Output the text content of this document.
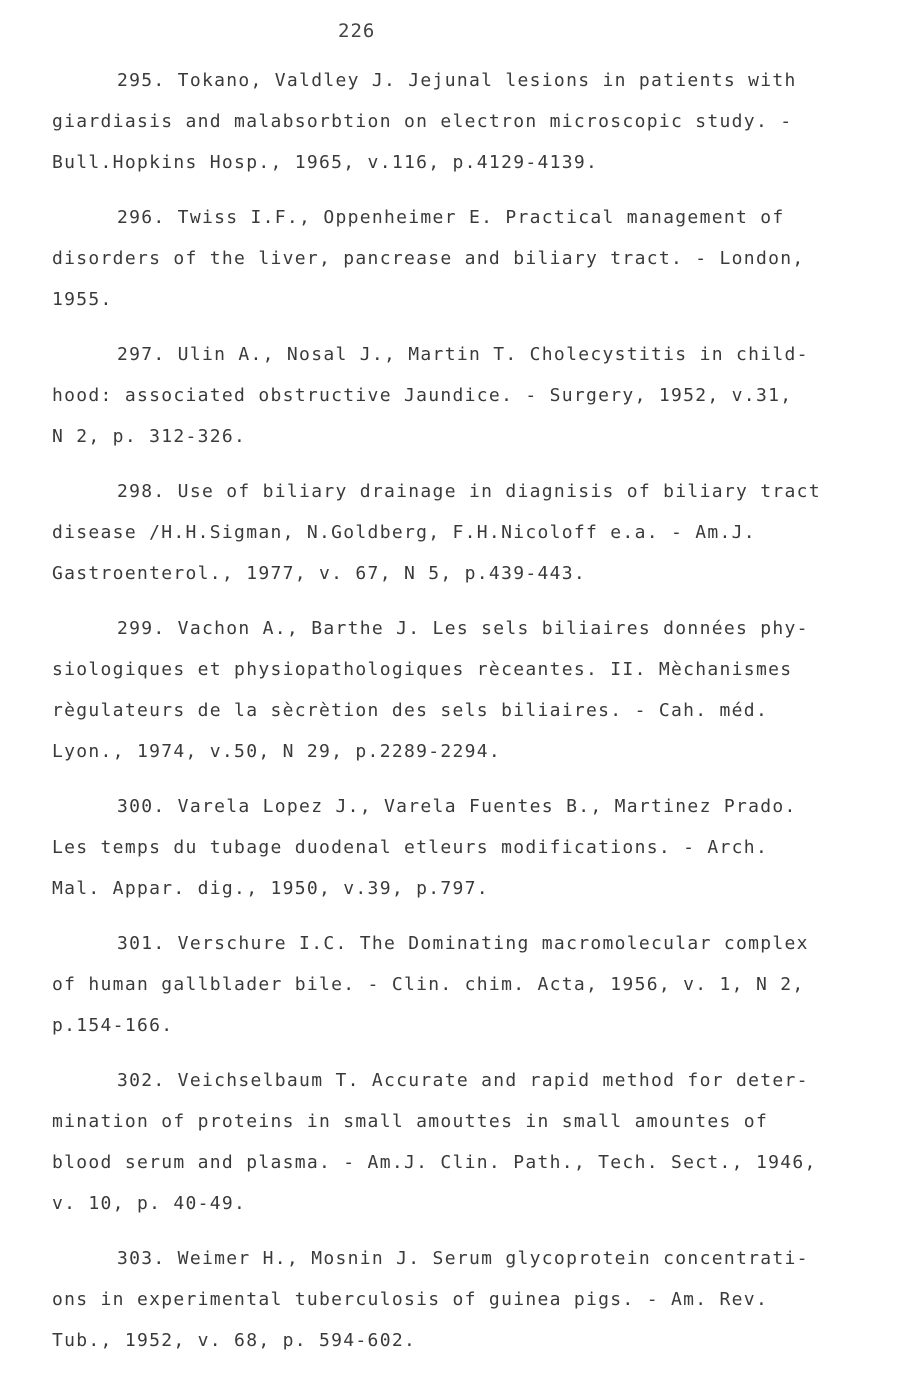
226
295. Tokano, Valdley J. Jejunal lesions in patients with
giardiasis and malabsorbtion on electron microscopic study. -
Bull.Hopkins Hosp., 1965, v.116, p.4129-4139.
296. Twiss I.F., Oppenheimer E. Practical management of
disorders of the liver, pancrease and biliary tract. - London,
1955.
297. Ulin A., Nosal J., Martin T. Cholecystitis in child-
hood: associated obstructive Jaundice. - Surgery, 1952, v.31,
N 2, p. 312-326.
298. Use of biliary drainage in diagnisis of biliary tract
disease /H.H.Sigman, N.Goldberg, F.H.Nicoloff e.a. - Am.J.
Gastroenterol., 1977, v. 67, N 5, p.439-443.
299. Vachon A., Barthe J. Les sels biliaires données phy-
siologiques et physiopathologiques rèceantes. II. Mèchanismes
règulateurs de la sècrètion des sels biliaires. - Cah. méd.
Lyon., 1974, v.50, N 29, p.2289-2294.
300. Varela Lopez J., Varela Fuentes B., Martinez Prado.
Les temps du tubage duodenal etleurs modifications. - Arch.
Mal. Appar. dig., 1950, v.39, p.797.
301. Verschure I.C. The Dominating macromolecular complex
of human gallblader bile. - Clin. chim. Acta, 1956, v. 1, N 2,
p.154-166.
302. Veichselbaum T. Accurate and rapid method for deter-
mination of proteins in small amouttes in small amountes of
blood serum and plasma. - Am.J. Clin. Path., Tech. Sect., 1946,
v. 10, p. 40-49.
303. Weimer H., Mosnin J. Serum glycoprotein concentrati-
ons in experimental tuberculosis of guinea pigs. - Am. Rev.
Tub., 1952, v. 68, p. 594-602.
